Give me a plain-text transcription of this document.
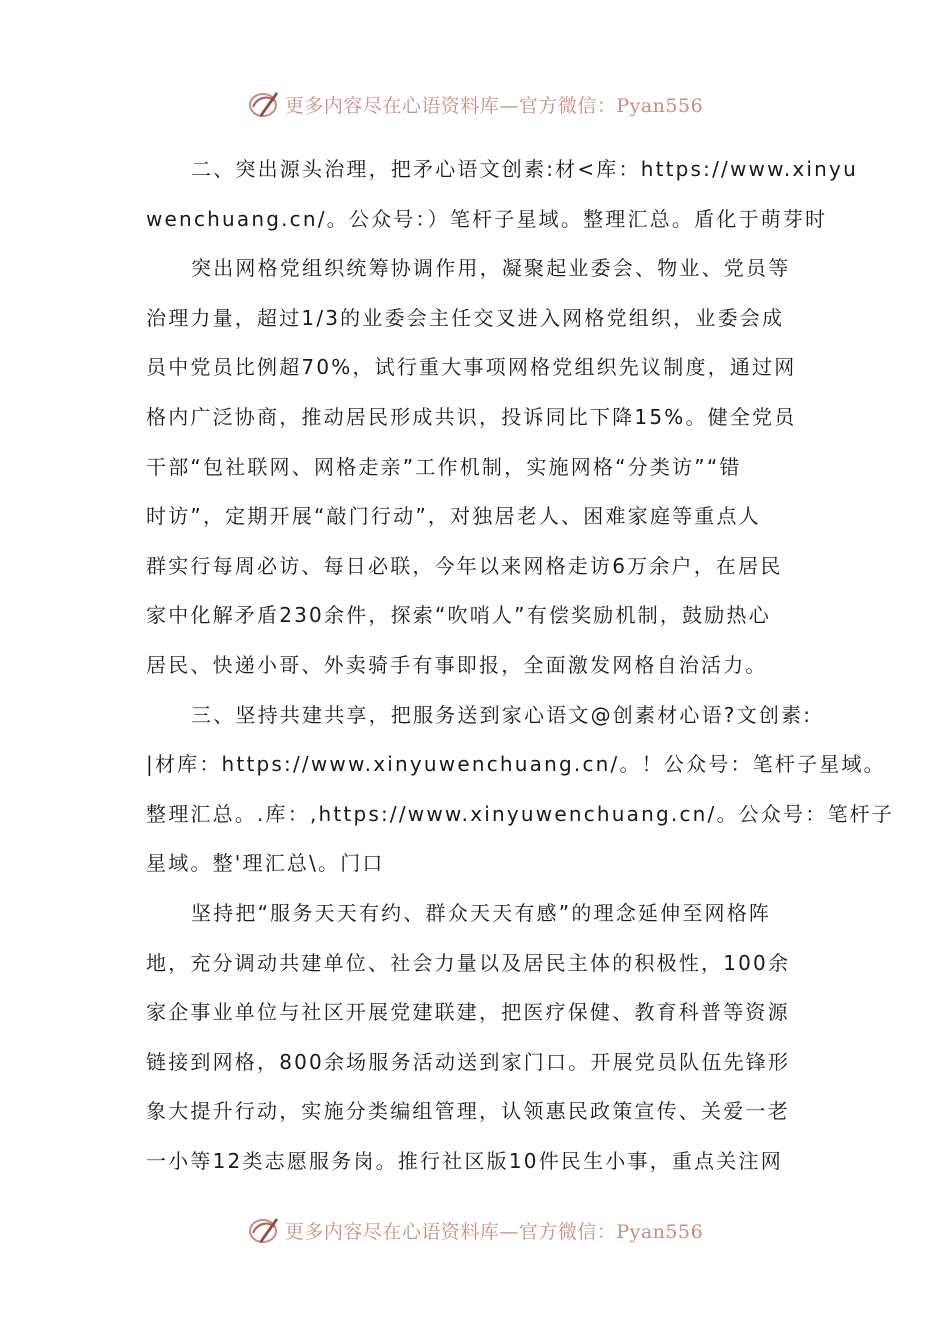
更多内容尽在心语资料库—官方微信：Pyan556
二、突出源头治理，把矛心语文创素:材<库：https://www.xinyu
wenchuang.cn/。公众号：）笔杆子星域。整理汇总。盾化于萌芽时
突出网格党组织统筹协调作用，凝聚起业委会、物业、党员等
治理力量，超过1/3的业委会主任交叉进入网格党组织，业委会成
员中党员比例超70%，试行重大事项网格党组织先议制度，通过网
格内广泛协商，推动居民形成共识，投诉同比下降15%。健全党员
干部“包社联网、网格走亲”工作机制，实施网格“分类访”“错
时访”，定期开展“敲门行动”，对独居老人、困难家庭等重点人
群实行每周必访、每日必联，今年以来网格走访6万余户，在居民
家中化解矛盾230余件，探索“吹哨人”有偿奖励机制，鼓励热心
居民、快递小哥、外卖骑手有事即报，全面激发网格自治活力。
三、坚持共建共享，把服务送到家心语文@创素材心语?文创素:
|材库：https://www.xinyuwenchuang.cn/。！公众号：笔杆子星域。
整理汇总。.库：,https://www.xinyuwenchuang.cn/。公众号：笔杆子
星域。整'理汇总\。门口
坚持把“服务天天有约、群众天天有感”的理念延伸至网格阵
地，充分调动共建单位、社会力量以及居民主体的积极性，100余
家企事业单位与社区开展党建联建，把医疗保健、教育科普等资源
链接到网格，800余场服务活动送到家门口。开展党员队伍先锋形
象大提升行动，实施分类编组管理，认领惠民政策宣传、关爱一老
一小等12类志愿服务岗。推行社区版10件民生小事，重点关注网
更多内容尽在心语资料库—官方微信：Pyan556
